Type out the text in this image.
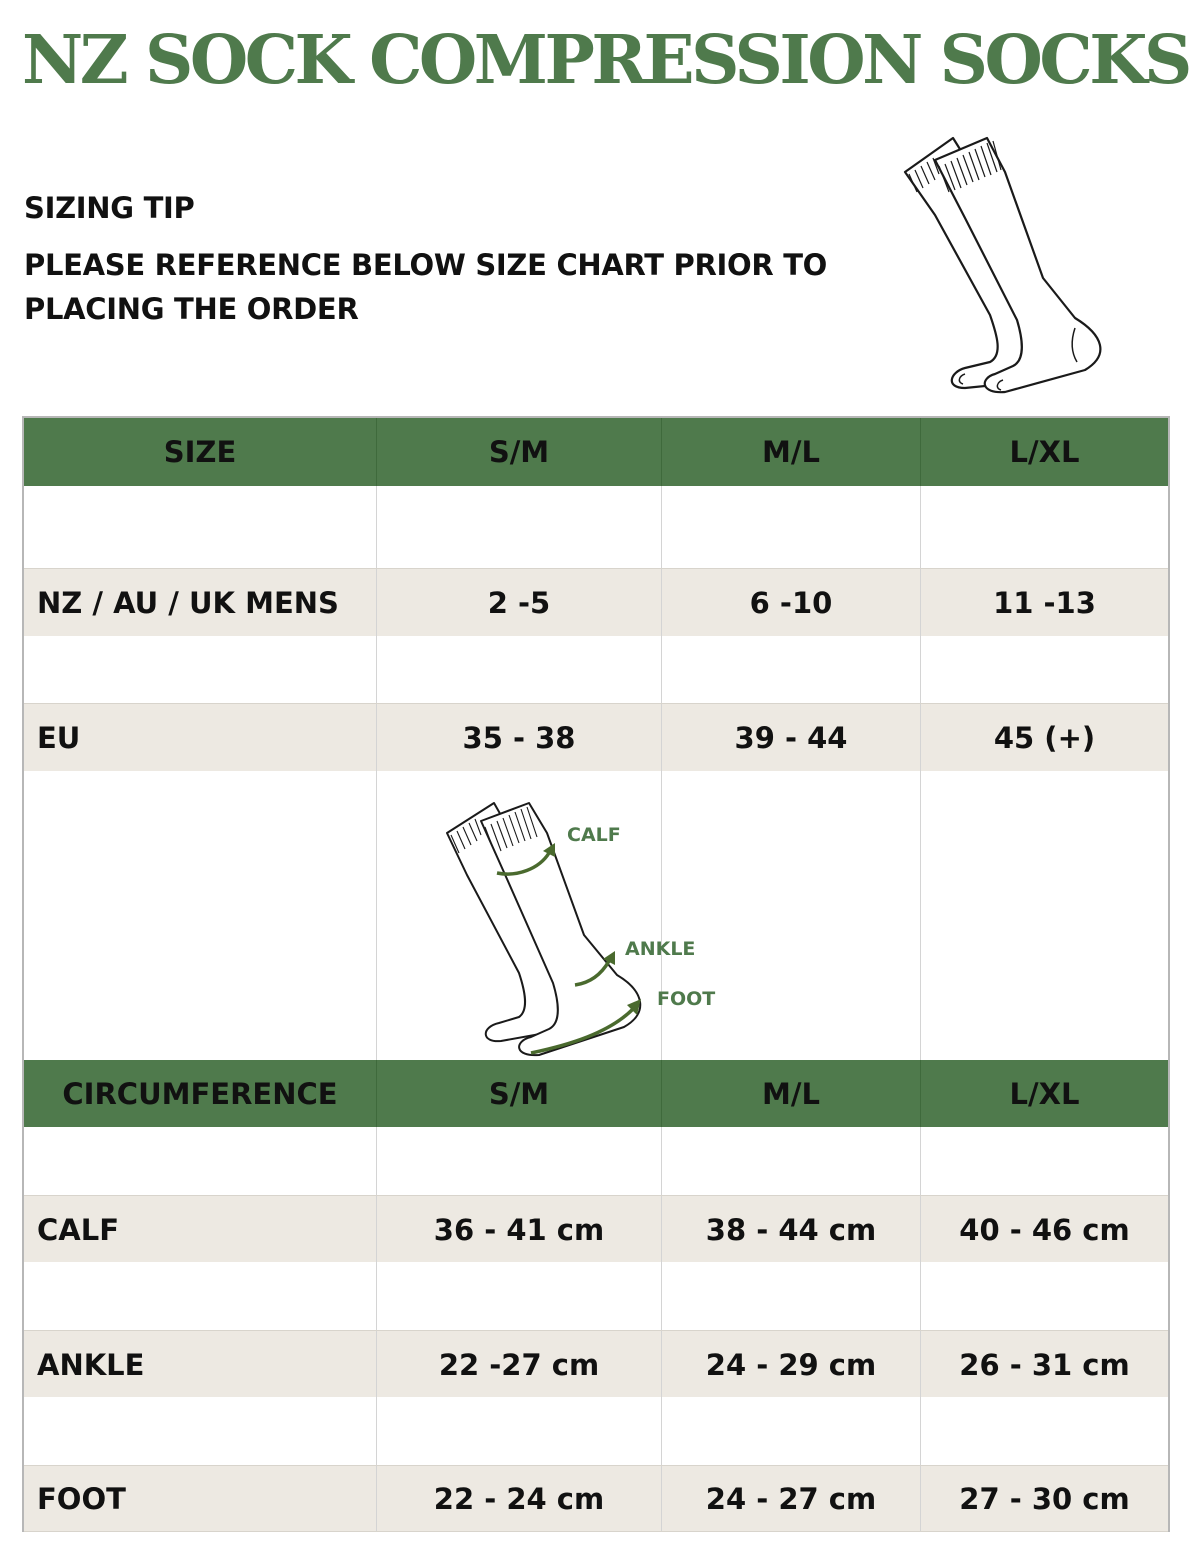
NZ SOCK COMPRESSION SOCKS
SIZING TIP
PLEASE REFERENCE BELOW SIZE CHART PRIOR TO
PLACING THE ORDER
SIZE	S/M	M/L	L/XL
NZ / AU / UK MENS	2 -5	6 -10	11 -13
EU	35 - 38	39 - 44	45 (+)
CALF
ANKLE
FOOT
CIRCUMFERENCE	S/M	M/L	L/XL
CALF	36 - 41 cm	38 - 44 cm	40 - 46 cm
ANKLE	22 -27 cm	24 - 29 cm	26 - 31 cm
FOOT	22 - 24 cm	24 - 27 cm	27 - 30 cm
